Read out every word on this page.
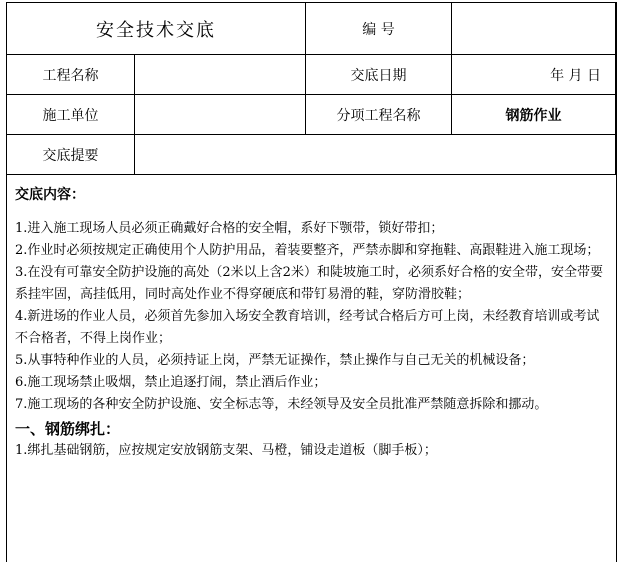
安全技术交底		编 号	
工程名称		交底日期	年 月 日
施工单位		分项工程名称	钢筋作业
交底提要			
交底内容：

1.进入施工现场人员必须正确戴好合格的安全帽，系好下颚带，锁好带扣；

2.作业时必须按规定正确使用个人防护用品，着装要整齐，严禁赤脚和穿拖鞋、高跟鞋进入施工现场；

3.在没有可靠安全防护设施的高处（2米以上含2米）和陡坡施工时，必须系好合格的安全带，安全带要系挂牢固，高挂低用，同时高处作业不得穿硬底和带钉易滑的鞋，穿防滑胶鞋；

4.新进场的作业人员，必须首先参加入场安全教育培训，经考试合格后方可上岗，未经教育培训或考试不合格者，不得上岗作业；

5.从事特种作业的人员，必须持证上岗，严禁无证操作，禁止操作与自己无关的机械设备；

6.施工现场禁止吸烟，禁止追逐打闹，禁止酒后作业；

7.施工现场的各种安全防护设施、安全标志等，未经领导及安全员批准严禁随意拆除和挪动。

一、钢筋绑扎：

1.绑扎基础钢筋，应按规定安放钢筋支架、马橙，铺设走道板（脚手板）；
